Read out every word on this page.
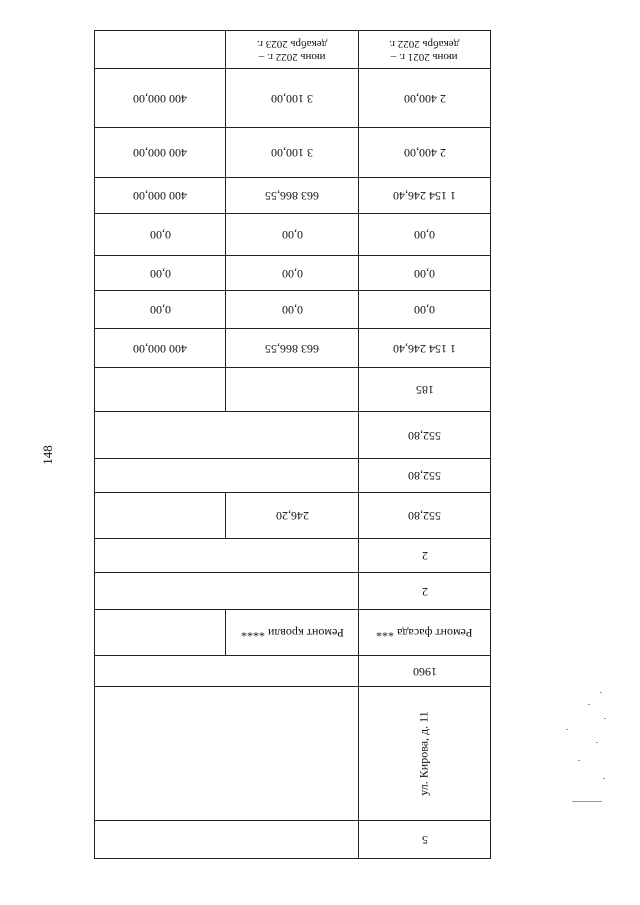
148
июнь 2022 г. –
декабрь 2023 г.
июнь 2021 г. –
декабрь 2022 г.
400 000,00	3 100,00	2 400,00
400 000,00	3 100,00	2 400,00
400 000,00	663 866,55	1 154 246,40
0,00	0,00	0,00
0,00	0,00	0,00
0,00	0,00	0,00
400 000,00	663 866,55	1 154 246,40
185
552,80
552,80
246,20	552,80
2
2
Ремонт кровли ****	Ремонт фасада ***
1960
ул. Кирова, д. 11
5
